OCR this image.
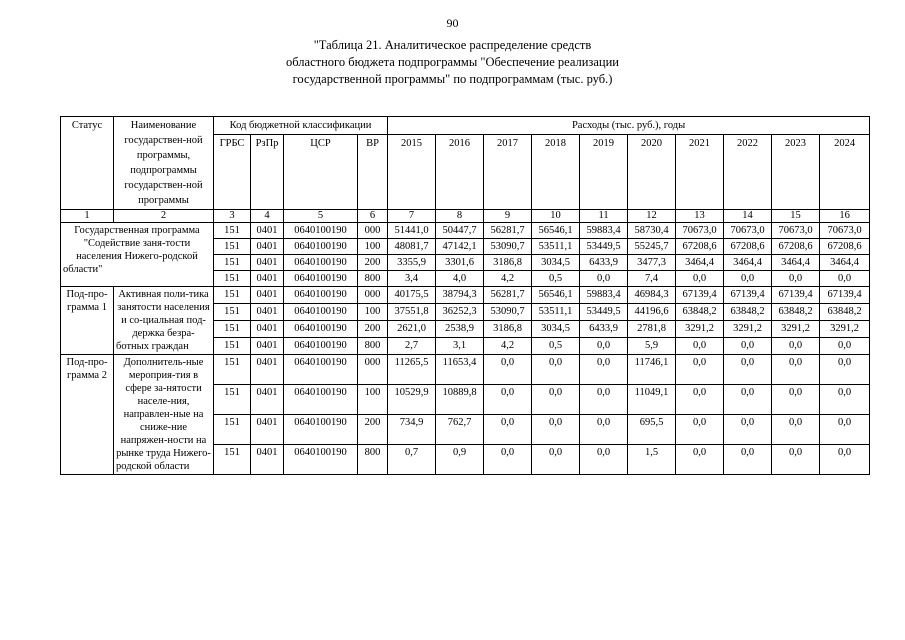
90
"Таблица 21. Аналитическое распределение средств
областного бюджета подпрограммы "Обеспечение реализации
государственной программы" по подпрограммам (тыс. руб.)
Статус	Наименование государствен-ной программы, подпрограммы государствен-ной программы	Код бюджетной классификации				Расходы (тыс. руб.), годы									
		ГРБС	РзПр	ЦСР	ВР	2015	2016	2017	2018	2019	2020	2021	2022	2023	2024
1	2	3	4	5	6	7	8	9	10	11	12	13	14	15	16
Государственная программа "Содействие заня-тости населения Нижего-родской области"		151	0401	0640100190	000	51441,0	50447,7	56281,7	56546,1	59883,4	58730,4	70673,0	70673,0	70673,0	70673,0
		151	0401	0640100190	100	48081,7	47142,1	53090,7	53511,1	53449,5	55245,7	67208,6	67208,6	67208,6	67208,6
		151	0401	0640100190	200	3355,9	3301,6	3186,8	3034,5	6433,9	3477,3	3464,4	3464,4	3464,4	3464,4
		151	0401	0640100190	800	3,4	4,0	4,2	0,5	0,0	7,4	0,0	0,0	0,0	0,0
Под-про-грамма 1	Активная поли-тика занятости населения и со-циальная под-держка безра-ботных граждан	151	0401	0640100190	000	40175,5	38794,3	56281,7	56546,1	59883,4	46984,3	67139,4	67139,4	67139,4	67139,4
		151	0401	0640100190	100	37551,8	36252,3	53090,7	53511,1	53449,5	44196,6	63848,2	63848,2	63848,2	63848,2
		151	0401	0640100190	200	2621,0	2538,9	3186,8	3034,5	6433,9	2781,8	3291,2	3291,2	3291,2	3291,2
		151	0401	0640100190	800	2,7	3,1	4,2	0,5	0,0	5,9	0,0	0,0	0,0	0,0
Под-про-грамма 2	Дополнитель-ные мероприя-тия в сфере за-нятости населе-ния, направлен-ные на сниже-ние напряжен-ности на рынке труда Нижего-родской области	151	0401	0640100190	000	11265,5	11653,4	0,0	0,0	0,0	11746,1	0,0	0,0	0,0	0,0
		151	0401	0640100190	100	10529,9	10889,8	0,0	0,0	0,0	11049,1	0,0	0,0	0,0	0,0
		151	0401	0640100190	200	734,9	762,7	0,0	0,0	0,0	695,5	0,0	0,0	0,0	0,0
		151	0401	0640100190	800	0,7	0,9	0,0	0,0	0,0	1,5	0,0	0,0	0,0	0,0
